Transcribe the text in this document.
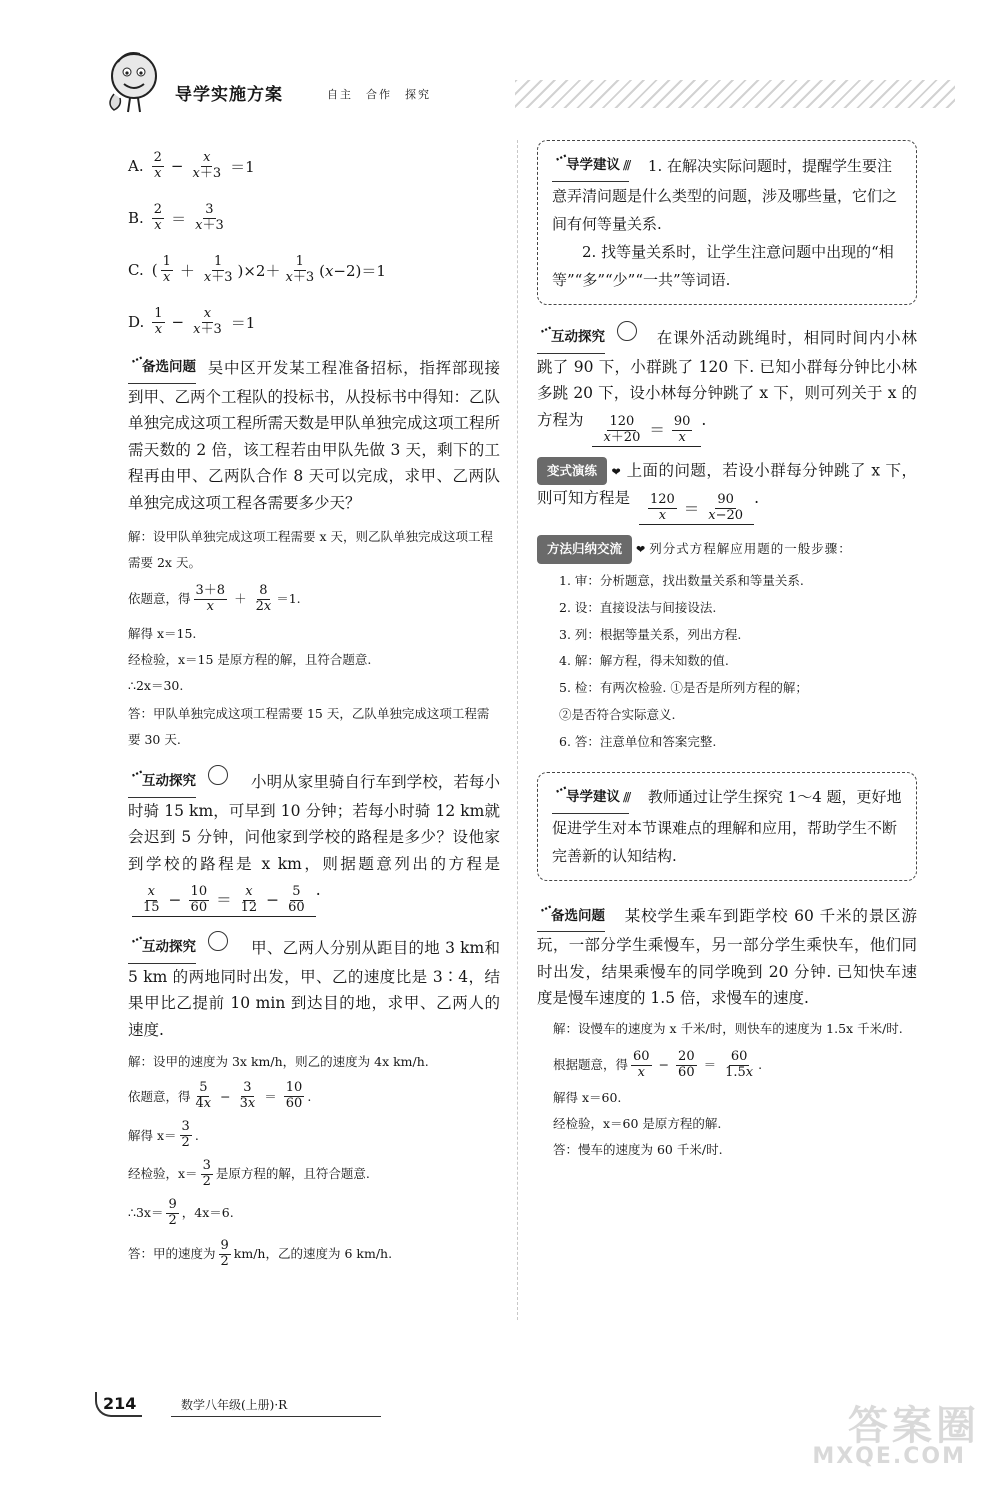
导学实施方案	自主　合作　探究
A. $\frac{2}{x} - \frac{x}{x+3} =1$
B. $\frac{2}{x} = \frac{3}{x+3}$
C. ( $\frac{1}{x} + \frac{1}{x+3} )\times 2+ \frac{1}{x+3} (x-2)=1$
D. $\frac{1}{x} - \frac{x}{x+3} =1$
… 备选问题 吴中区开发某工程准备招标，指挥部现接到甲、乙两个工程队的投标书，从投标书中得知：乙队单独完成这项工程所需天数是甲队单独完成这项工程所需天数的 2 倍，该工程若由甲队先做 3 天，剩下的工程再由甲、乙两队合作 8 天可以完成，求甲、乙两队单独完成这项工程各需要多少天？
解：设甲队单独完成这项工程需要 x 天，则乙队单独完成这项工程需要 2x 天。
依题意，得 $\frac{3+8}{x} + \frac{8}{2x} =1$.
解得 x＝15.
经检验，x＝15 是原方程的解，且符合题意.
∴2x＝30.
答：甲队单独完成这项工程需要 15 天，乙队单独完成这项工程需要 30 天.
… 互动探究	小明从家里骑自行车到学校，若每小时骑 15 km，可早到 10 分钟；若每小时骑 12 km就会迟到 5 分钟，问他家到学校的路程是多少？设他家到学校的路程是 x km，则据题意列出的方程是
$\frac{x}{15} - \frac{10}{60} = \frac{x}{12} - \frac{5}{60}$ .
… 互动探究	甲、乙两人分别从距目的地 3 km和 5 km 的两地同时出发，甲、乙的速度比是 3∶4，结果甲比乙提前 10 min 到达目的地，求甲、乙两人的速度.
解：设甲的速度为 3x km/h，则乙的速度为 4x km/h.
依题意，得 $\frac{5}{4x} - \frac{3}{3x} = \frac{10}{60}$ .
解得 $x= \frac{3}{2}$ .
经检验，$x= \frac{3}{2}$ 是原方程的解，且符合题意.
∴3x＝ $\frac{9}{2}$ ，4x＝6.
答：甲的速度为 $\frac{9}{2} km/h$，乙的速度为 6 km/h.
… 导学建议 /// 1. 在解决实际问题时，提醒学生要注意弄清问题是什么类型的问题，涉及哪些量，它们之间有何等量关系.
2. 找等量关系时，让学生注意问题中出现的“相等”“多”“少”“一共”等词语.
… 互动探究	在课外活动跳绳时，相同时间内小林跳了 90 下，小群跳了 120 下. 已知小群每分钟比小林多跳 20 下，设小林每分钟跳了 x 下，则可列关于 x 的方程为 $\frac{120}{x+20} = \frac{90}{x}$ .
变式演练 ❤ 上面的问题，若设小群每分钟跳了 x 下，则可知方程是 $\frac{120}{x} = \frac{90}{x-20}$ .
方法归纳交流 ❤ 列分式方程解应用题的一般步骤：
1. 审：分析题意，找出数量关系和等量关系.
2. 设：直接设法与间接设法.
3. 列：根据等量关系，列出方程.
4. 解：解方程，得未知数的值.
5. 检：有两次检验. ①是否是所列方程的解；
②是否符合实际意义.
6. 答：注意单位和答案完整.
… 导学建议 /// 教师通过让学生探究 1～4 题，更好地促进学生对本节课难点的理解和应用，帮助学生不断完善新的认知结构.
… 备选问题 某校学生乘车到距学校 60 千米的景区游玩，一部分学生乘慢车，另一部分学生乘快车，他们同时出发，结果乘慢车的同学晚到 20 分钟. 已知快车速度是慢车速度的 1.5 倍，求慢车的速度.
解：设慢车的速度为 x 千米/时，则快车的速度为 1.5x 千米/时.
根据题意，得 $\frac{60}{x} - \frac{20}{60} = \frac{60}{1.5x}$ .
解得 x＝60.
经检验，x＝60 是原方程的解.
答：慢车的速度为 60 千米/时.
214	数学八年级(上册)·R	答案圈
MXQE.COM
